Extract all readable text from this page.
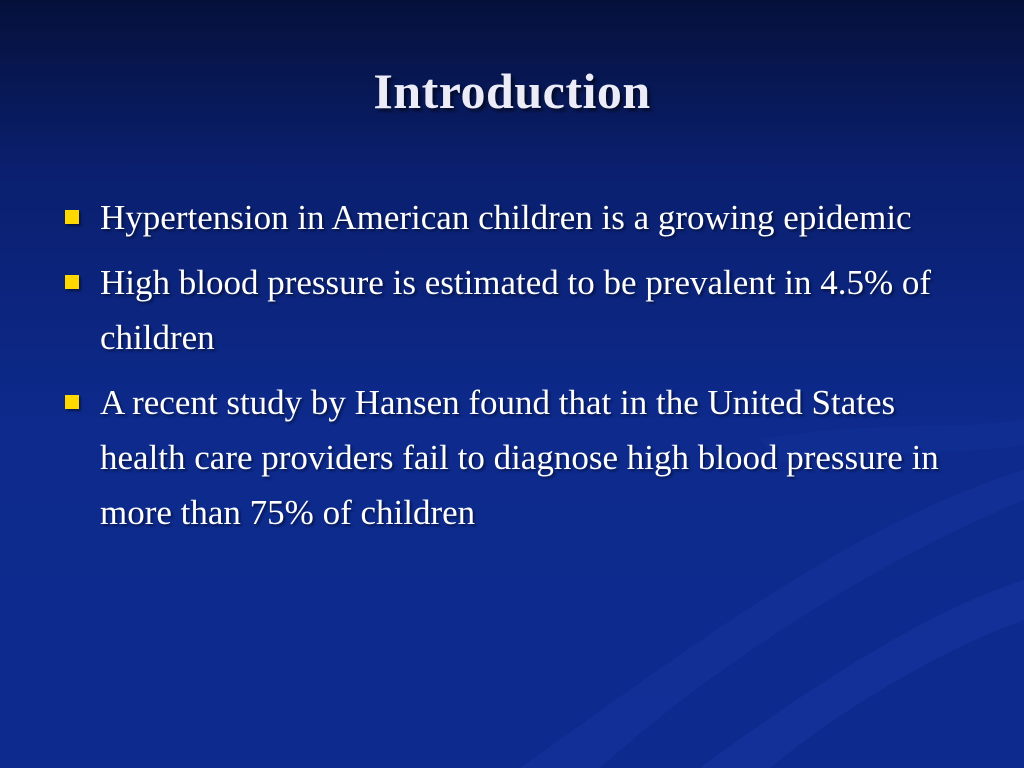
Introduction
Hypertension in American children is a growing epidemic
High blood pressure is estimated to be prevalent in 4.5% of children
A recent study by Hansen found that in the United States health care providers fail to diagnose high blood pressure in more than 75% of children
